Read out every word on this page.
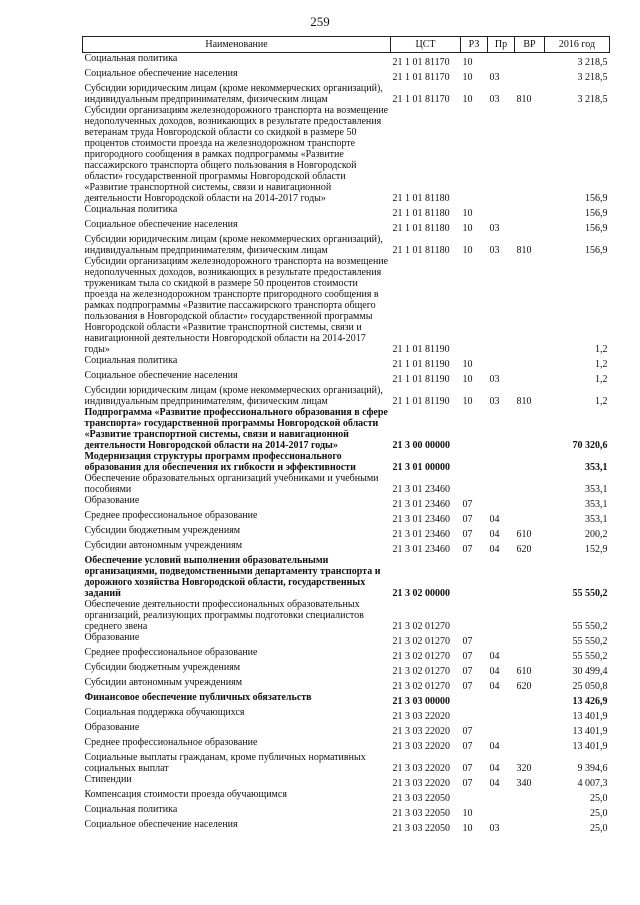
259
Наименование	ЦСТ	РЗ	Пр	ВР	2016 год
Социальная политика	21 1 01 81170	10			3 218,5
Социальное обеспечение населения	21 1 01 81170	10	03		3 218,5
Субсидии юридическим лицам (кроме некоммерческих организаций), индивидуальным предпринимателям, физическим лицам	21 1 01 81170	10	03	810	3 218,5
Субсидии организациям железнодорожного транспорта на возмещение недополученных доходов, возникающих в результате предоставления ветеранам труда Новгородской области со скидкой в размере 50 процентов стоимости проезда на железнодорожном транспорте пригородного сообщения в рамках подпрограммы «Развитие пассажирского транспорта общего пользования в Новгородской области» государственной программы Новгородской области «Развитие транспортной системы, связи и навигационной деятельности Новгородской области на 2014-2017 годы»	21 1 01 81180				156,9
Социальная политика	21 1 01 81180	10			156,9
Социальное обеспечение населения	21 1 01 81180	10	03		156,9
Субсидии юридическим лицам (кроме некоммерческих организаций), индивидуальным предпринимателям, физическим лицам	21 1 01 81180	10	03	810	156,9
Субсидии организациям железнодорожного транспорта на возмещение недополученных доходов, возникающих в результате предоставления труженикам тыла со скидкой в размере 50 процентов стоимости проезда на железнодорожном транспорте пригородного сообщения в рамках подпрограммы «Развитие пассажирского транспорта общего пользования в Новгородской области» государственной программы Новгородской области «Развитие транспортной системы, связи и навигационной деятельности Новгородской области на 2014-2017 годы»	21 1 01 81190				1,2
Социальная политика	21 1 01 81190	10			1,2
Социальное обеспечение населения	21 1 01 81190	10	03		1,2
Субсидии юридическим лицам (кроме некоммерческих организаций), индивидуальным предпринимателям, физическим лицам	21 1 01 81190	10	03	810	1,2
Подпрограмма «Развитие профессионального образования в сфере транспорта» государственной программы Новгородской области «Развитие транспортной системы, связи и навигационной деятельности Новгородской области на 2014-2017 годы»	21 3 00 00000				70 320,6
Модернизация структуры программ профессионального образования для обеспечения их гибкости и эффективности	21 3 01 00000				353,1
Обеспечение образовательных организаций учебниками и учебными пособиями	21 3 01 23460				353,1
Образование	21 3 01 23460	07			353,1
Среднее профессиональное образование	21 3 01 23460	07	04		353,1
Субсидии бюджетным учреждениям	21 3 01 23460	07	04	610	200,2
Субсидии автономным учреждениям	21 3 01 23460	07	04	620	152,9
Обеспечение условий выполнения образовательными организациями, подведомственными департаменту транспорта и дорожного хозяйства Новгородской области, государственных заданий	21 3 02 00000				55 550,2
Обеспечение деятельности профессиональных образовательных организаций, реализующих программы подготовки специалистов среднего звена	21 3 02 01270				55 550,2
Образование	21 3 02 01270	07			55 550,2
Среднее профессиональное образование	21 3 02 01270	07	04		55 550,2
Субсидии бюджетным учреждениям	21 3 02 01270	07	04	610	30 499,4
Субсидии автономным учреждениям	21 3 02 01270	07	04	620	25 050,8
Финансовое обеспечение публичных обязательств	21 3 03 00000				13 426,9
Социальная поддержка обучающихся	21 3 03 22020				13 401,9
Образование	21 3 03 22020	07			13 401,9
Среднее профессиональное образование	21 3 03 22020	07	04		13 401,9
Социальные выплаты гражданам, кроме публичных нормативных социальных выплат	21 3 03 22020	07	04	320	9 394,6
Стипендии	21 3 03 22020	07	04	340	4 007,3
Компенсация стоимости проезда обучающимся	21 3 03 22050				25,0
Социальная политика	21 3 03 22050	10			25,0
Социальное обеспечение населения	21 3 03 22050	10	03		25,0
